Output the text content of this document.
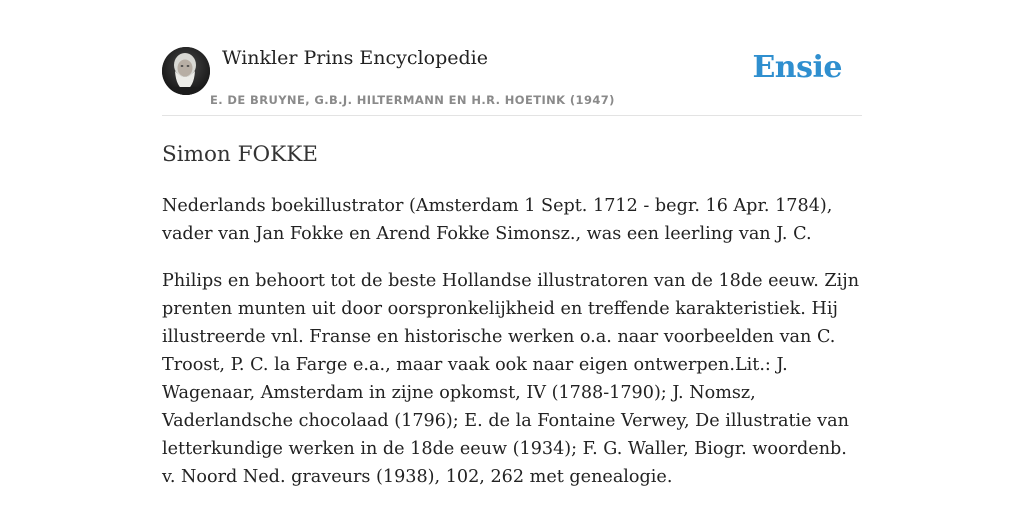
Winkler Prins Encyclopedie
E. DE BRUYNE, G.B.J. HILTERMANN EN H.R. HOETINK (1947)
Ensie
Simon FOKKE

Nederlands boekillustrator (Amsterdam 1 Sept. 1712 - begr. 16 Apr. 1784), vader van Jan Fokke en Arend Fokke Simonsz., was een leerling van J. C.

Philips en behoort tot de beste Hollandse illustratoren van de 18de eeuw. Zijn prenten munten uit door oorspronkelijkheid en treffende karakteristiek. Hij illustreerde vnl. Franse en historische werken o.a. naar voorbeelden van C. Troost, P. C. la Farge e.a., maar vaak ook naar eigen ontwerpen.Lit.: J. Wagenaar, Amsterdam in zijne opkomst, IV (1788-1790); J. Nomsz, Vaderlandsche chocolaad (1796); E. de la Fontaine Verwey, De illustratie van letterkundige werken in de 18de eeuw (1934); F. G. Waller, Biogr. woordenb. v. Noord Ned. graveurs (1938), 102, 262 met genealogie.
